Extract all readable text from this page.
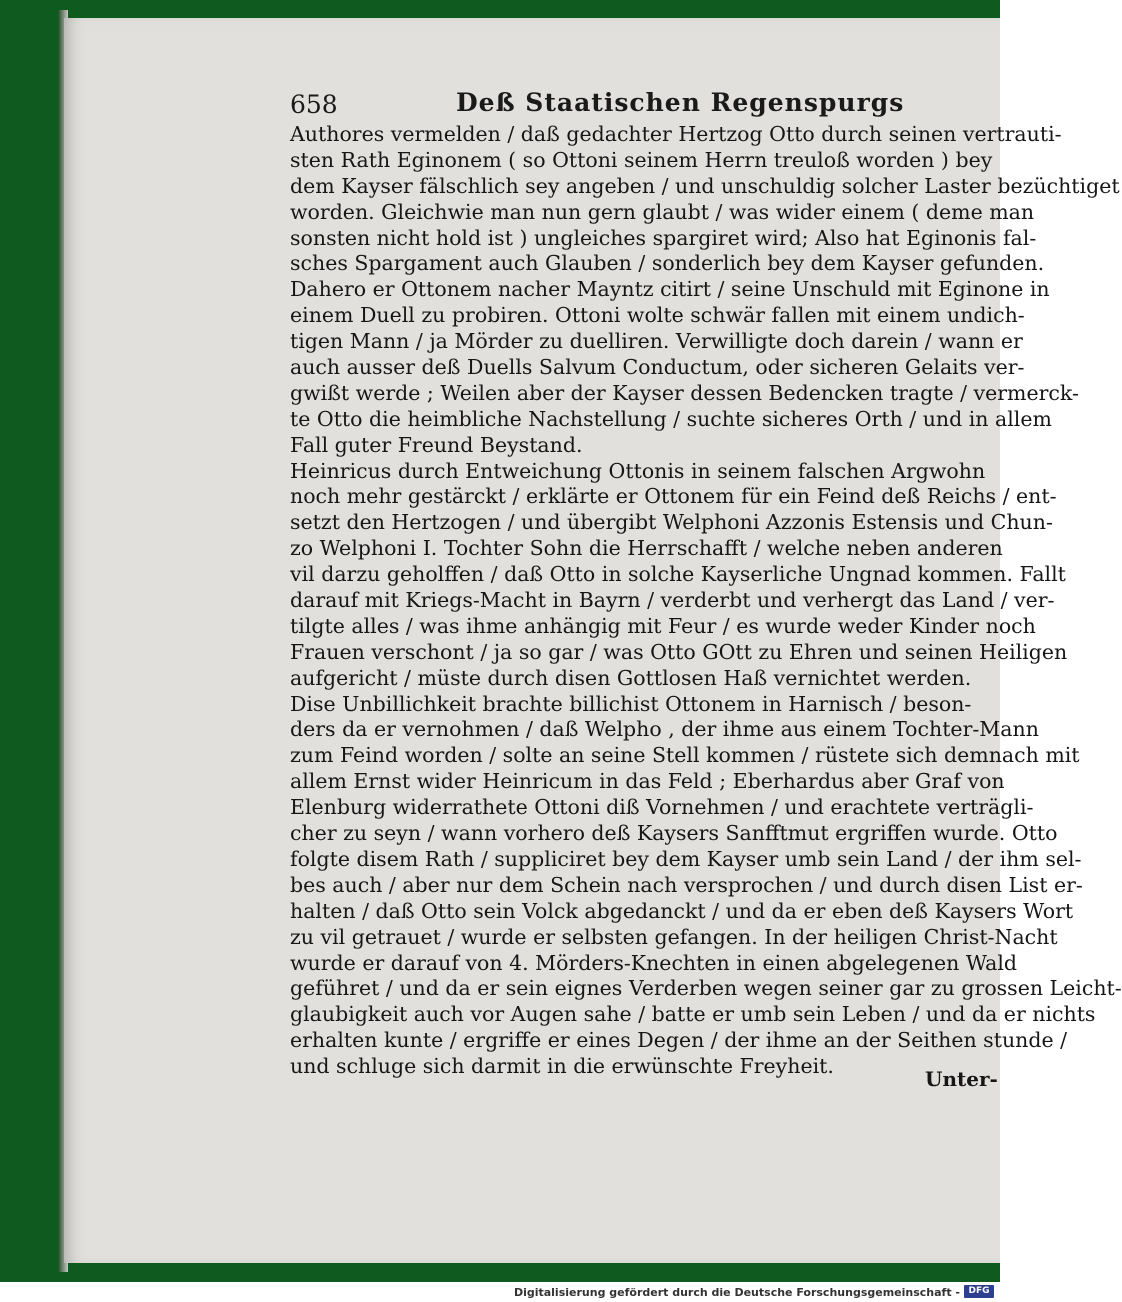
658	Deß Staatischen Regenspurgs
Authores vermelden / daß gedachter Hertzog Otto durch seinen vertrauti-
sten Rath Eginonem ( so Ottoni seinem Herrn treuloß worden ) bey
dem Kayser fälschlich sey angeben / und unschuldig solcher Laster bezüchtiget
worden. Gleichwie man nun gern glaubt / was wider einem ( deme man
sonsten nicht hold ist ) ungleiches spargiret wird; Also hat Eginonis fal-
sches Spargament auch Glauben / sonderlich bey dem Kayser gefunden.
Dahero er Ottonem nacher Mayntz citirt / seine Unschuld mit Eginone in
einem Duell zu probiren. Ottoni wolte schwär fallen mit einem undich-
tigen Mann / ja Mörder zu duelliren. Verwilligte doch darein / wann er
auch ausser deß Duells Salvum Conductum, oder sicheren Gelaits ver-
gwißt werde ; Weilen aber der Kayser dessen Bedencken tragte / vermerck-
te Otto die heimbliche Nachstellung / suchte sicheres Orth / und in allem
Fall guter Freund Beystand.
Heinricus durch Entweichung Ottonis in seinem falschen Argwohn
noch mehr gestärckt / erklärte er Ottonem für ein Feind deß Reichs / ent-
setzt den Hertzogen / und übergibt Welphoni Azzonis Estensis und Chun-
zo Welphoni I. Tochter Sohn die Herrschafft / welche neben anderen
vil darzu geholffen / daß Otto in solche Kayserliche Ungnad kommen. Fallt
darauf mit Kriegs-Macht in Bayrn / verderbt und verhergt das Land / ver-
tilgte alles / was ihme anhängig mit Feur / es wurde weder Kinder noch
Frauen verschont / ja so gar / was Otto GOtt zu Ehren und seinen Heiligen
aufgericht / müste durch disen Gottlosen Haß vernichtet werden.
Dise Unbillichkeit brachte billichist Ottonem in Harnisch / beson-
ders da er vernohmen / daß Welpho , der ihme aus einem Tochter-Mann
zum Feind worden / solte an seine Stell kommen / rüstete sich demnach mit
allem Ernst wider Heinricum in das Feld ; Eberhardus aber Graf von
Elenburg widerrathete Ottoni diß Vornehmen / und erachtete verträgli-
cher zu seyn / wann vorhero deß Kaysers Sanfftmut ergriffen wurde. Otto
folgte disem Rath / suppliciret bey dem Kayser umb sein Land / der ihm sel-
bes auch / aber nur dem Schein nach versprochen / und durch disen List er-
halten / daß Otto sein Volck abgedanckt / und da er eben deß Kaysers Wort
zu vil getrauet / wurde er selbsten gefangen. In der heiligen Christ-Nacht
wurde er darauf von 4. Mörders-Knechten in einen abgelegenen Wald
geführet / und da er sein eignes Verderben wegen seiner gar zu grossen Leicht-
glaubigkeit auch vor Augen sahe / batte er umb sein Leben / und da er nichts
erhalten kunte / ergriffe er eines Degen / der ihme an der Seithen stunde /
und schluge sich darmit in die erwünschte Freyheit.
Unter-
Digitalisierung gefördert durch die Deutsche Forschungsgemeinschaft - DFG
